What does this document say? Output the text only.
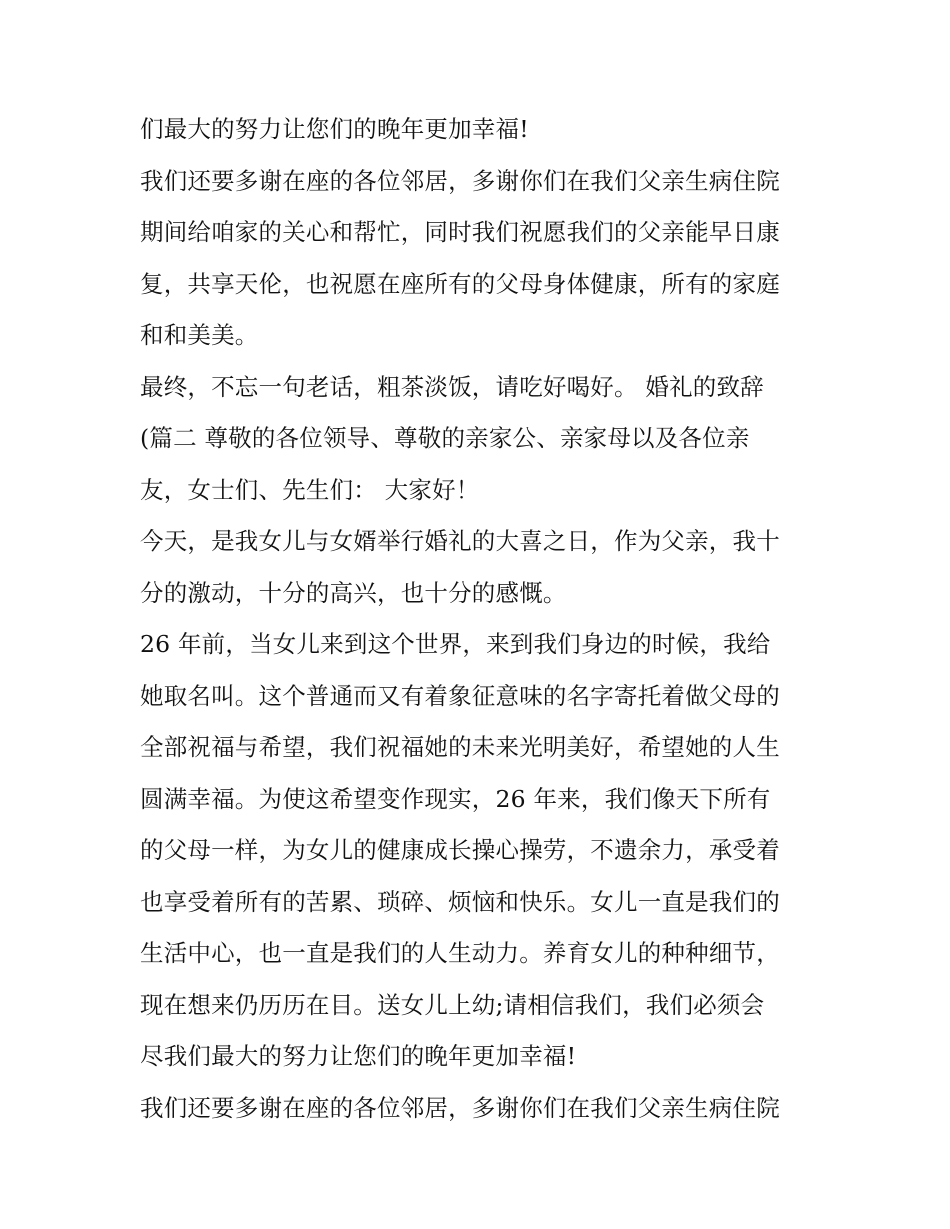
们最大的努力让您们的晚年更加幸福!
我们还要多谢在座的各位邻居，多谢你们在我们父亲生病住院
期间给咱家的关心和帮忙，同时我们祝愿我们的父亲能早日康
复，共享天伦，也祝愿在座所有的父母身体健康，所有的家庭
和和美美。
最终，不忘一句老话，粗茶淡饭，请吃好喝好。 婚礼的致辞
(篇二 尊敬的各位领导、尊敬的亲家公、亲家母以及各位亲
友，女士们、先生们： 大家好！
今天，是我女儿与女婿举行婚礼的大喜之日，作为父亲，我十
分的激动，十分的高兴，也十分的感慨。
26 年前，当女儿来到这个世界，来到我们身边的时候，我给
她取名叫。这个普通而又有着象征意味的名字寄托着做父母的
全部祝福与希望，我们祝福她的未来光明美好，希望她的人生
圆满幸福。为使这希望变作现实，26 年来，我们像天下所有
的父母一样，为女儿的健康成长操心操劳，不遗余力，承受着
也享受着所有的苦累、琐碎、烦恼和快乐。女儿一直是我们的
生活中心，也一直是我们的人生动力。养育女儿的种种细节，
现在想来仍历历在目。送女儿上幼;请相信我们，我们必须会
尽我们最大的努力让您们的晚年更加幸福!
我们还要多谢在座的各位邻居，多谢你们在我们父亲生病住院
